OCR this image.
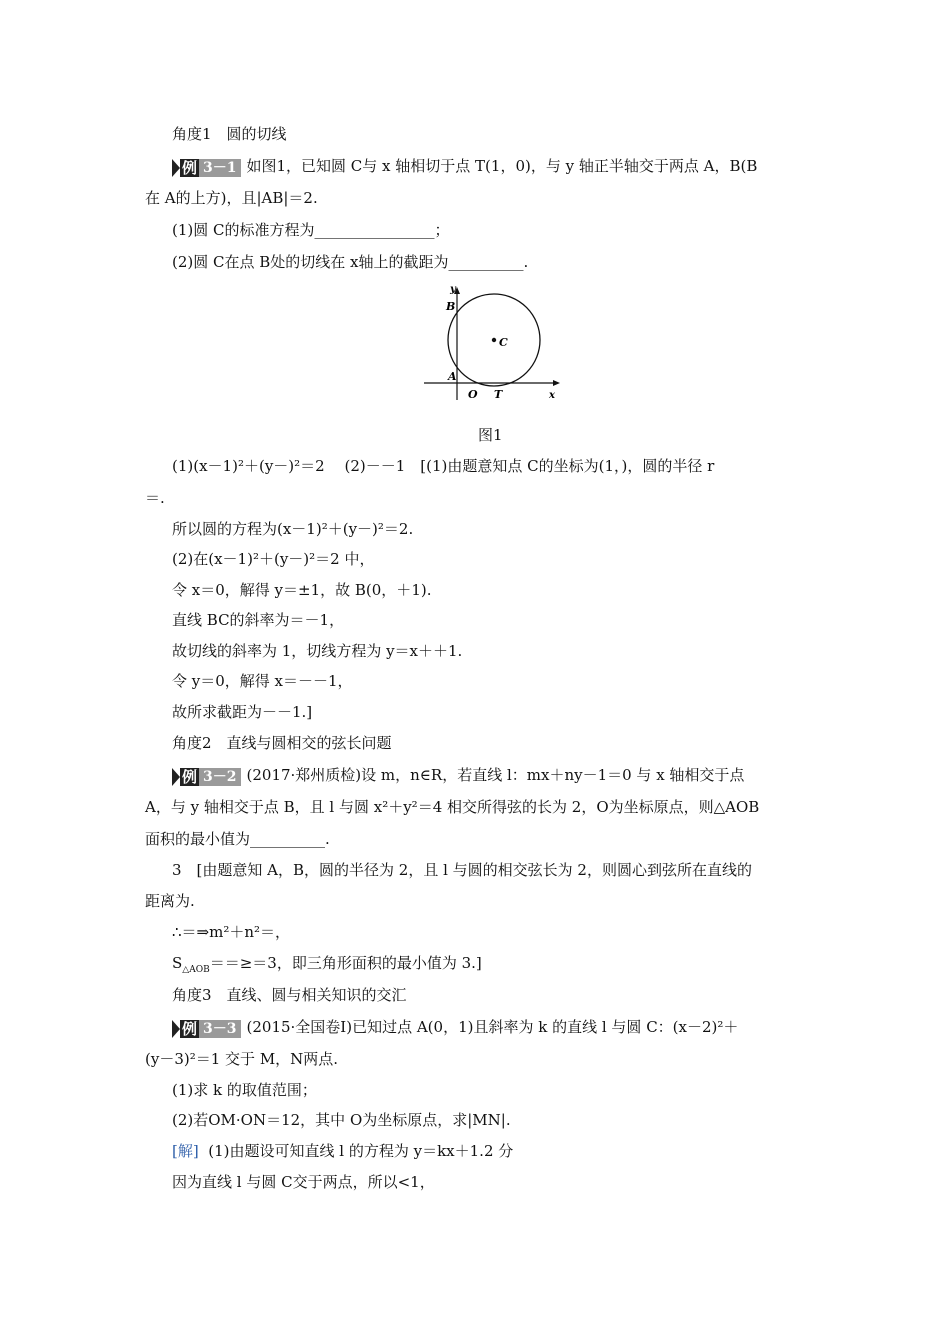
角度1　圆的切线
例 3－1 如图1，已知圆 C与 x 轴相切于点 T(1，0)，与 y 轴正半轴交于两点 A，B(B
在 A的上方)，且|AB|＝2.
(1)圆 C的标准方程为________________；
(2)圆 C在点 B处的切线在 x轴上的截距为__________.
y
B
C
A
O T	x
图1
(1)(x－1)²＋(y－)²＝2　 (2)－－1　[(1)由题意知点 C的坐标为(1，)，圆的半径 r
＝.
所以圆的方程为(x－1)²＋(y－)²＝2.
(2)在(x－1)²＋(y－)²＝2 中，
令 x＝0，解得 y＝±1，故 B(0，＋1).
直线 BC的斜率为＝－1，
故切线的斜率为 1，切线方程为 y＝x＋＋1.
令 y＝0，解得 x＝－－1，
故所求截距为－－1.]
角度2　直线与圆相交的弦长问题
例 3－2 (2017·郑州质检)设 m，n∈R，若直线 l：mx＋ny－1＝0 与 x 轴相交于点
A，与 y 轴相交于点 B，且 l 与圆 x²＋y²＝4 相交所得弦的长为 2，O为坐标原点，则△AOB
面积的最小值为__________.
3　[由题意知 A，B，圆的半径为 2，且 l 与圆的相交弦长为 2，则圆心到弦所在直线的
距离为.
∴＝⇒m²＋n²＝，
$S_{\triangle AOB}==\ge=3$，即三角形面积的最小值为 3.]
角度3　直线、圆与相关知识的交汇
例 3－3 (2015·全国卷Ⅰ)已知过点 A(0，1)且斜率为 k 的直线 l 与圆 C：(x－2)²＋
(y－3)²＝1 交于 M，N两点.
(1)求 k 的取值范围；
(2)若OM·ON＝12，其中 O为坐标原点，求|MN|.
[解] (1)由题设可知直线 l 的方程为 y＝kx＋1.2 分
因为直线 l 与圆 C交于两点，所以<1，
